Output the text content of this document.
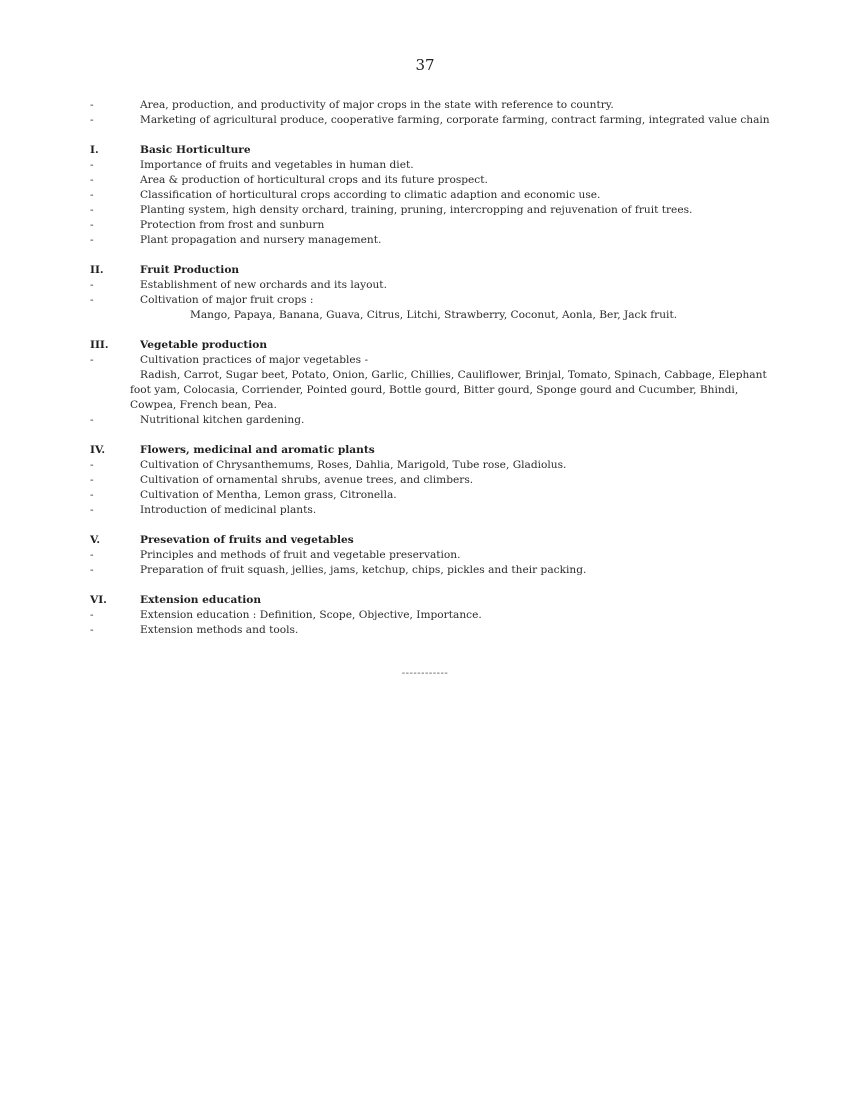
37
-	Area, production, and productivity of major crops in the state with reference to country.
-	Marketing of agricultural produce, cooperative farming, corporate farming, contract farming, integrated value chain
I.	Basic Horticulture
-	Importance of fruits and vegetables in human diet.
-	Area & production of horticultural crops and its future prospect.
-	Classification of horticultural crops according to climatic adaption and economic use.
-	Planting system, high density orchard, training, pruning, intercropping and rejuvenation of fruit trees.
-	Protection from frost and sunburn
-	Plant propagation and nursery management.
II.	Fruit Production
-	Establishment of new orchards and its layout.
-	Coltivation of major fruit crops :
Mango, Papaya, Banana, Guava, Citrus, Litchi, Strawberry, Coconut, Aonla, Ber, Jack fruit.
III.	Vegetable production
-	Cultivation practices of major vegetables -
Radish, Carrot, Sugar beet, Potato, Onion, Garlic, Chillies, Cauliflower, Brinjal, Tomato, Spinach, Cabbage, Elephant foot yam, Colocasia, Corriender, Pointed gourd, Bottle gourd, Bitter gourd, Sponge gourd and Cucumber, Bhindi, Cowpea, French bean, Pea.
-	Nutritional kitchen gardening.
IV.	Flowers, medicinal and aromatic plants
-	Cultivation of Chrysanthemums, Roses, Dahlia, Marigold, Tube rose, Gladiolus.
-	Cultivation of ornamental shrubs, avenue trees, and climbers.
-	Cultivation of Mentha, Lemon grass, Citronella.
-	Introduction of medicinal plants.
V.	Presevation of fruits and vegetables
-	Principles and methods of fruit and vegetable preservation.
-	Preparation of fruit squash, jellies, jams, ketchup, chips, pickles and their packing.
VI.	Extension education
-	Extension education : Definition, Scope, Objective, Importance.
-	Extension methods and tools.
------------
